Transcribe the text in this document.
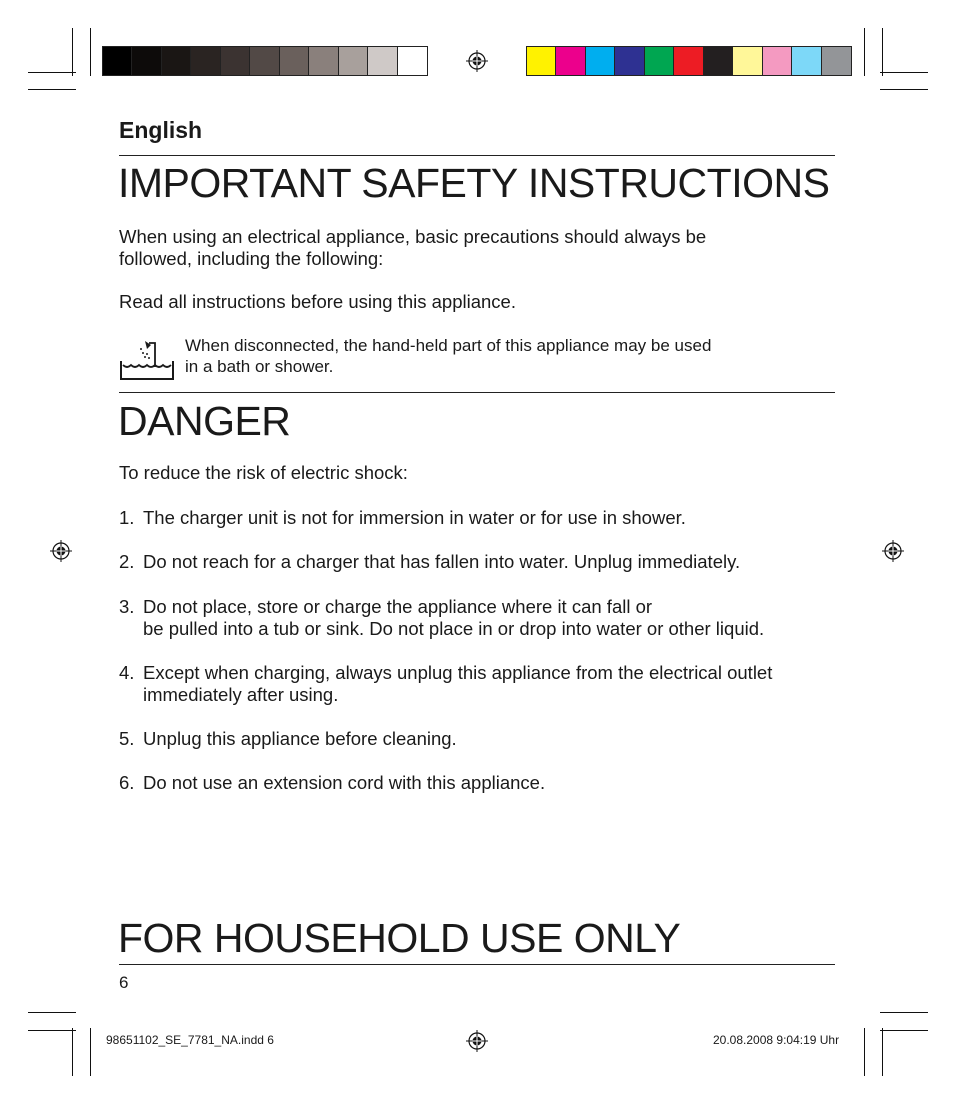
English
IMPORTANT SAFETY INSTRUCTIONS
When using an electrical appliance, basic precautions should always be
followed, including the following:
Read all instructions before using this appliance.
When disconnected, the hand-held part of this appliance may be used
in a bath or shower.
DANGER
To reduce the risk of electric shock:
1. The charger unit is not for immersion in water or for use in shower.
2. Do not reach for a charger that has fallen into water. Unplug immediately.
3. Do not place, store or charge the appliance where it can fall or
be pulled into a tub or sink. Do not place in or drop into water or other liquid.
4. Except when charging, always unplug this appliance from the electrical outlet
immediately after using.
5. Unplug this appliance before cleaning.
6. Do not use an extension cord with this appliance.
FOR HOUSEHOLD USE ONLY
6
98651102_SE_7781_NA.indd 6	20.08.2008 9:04:19 Uhr
